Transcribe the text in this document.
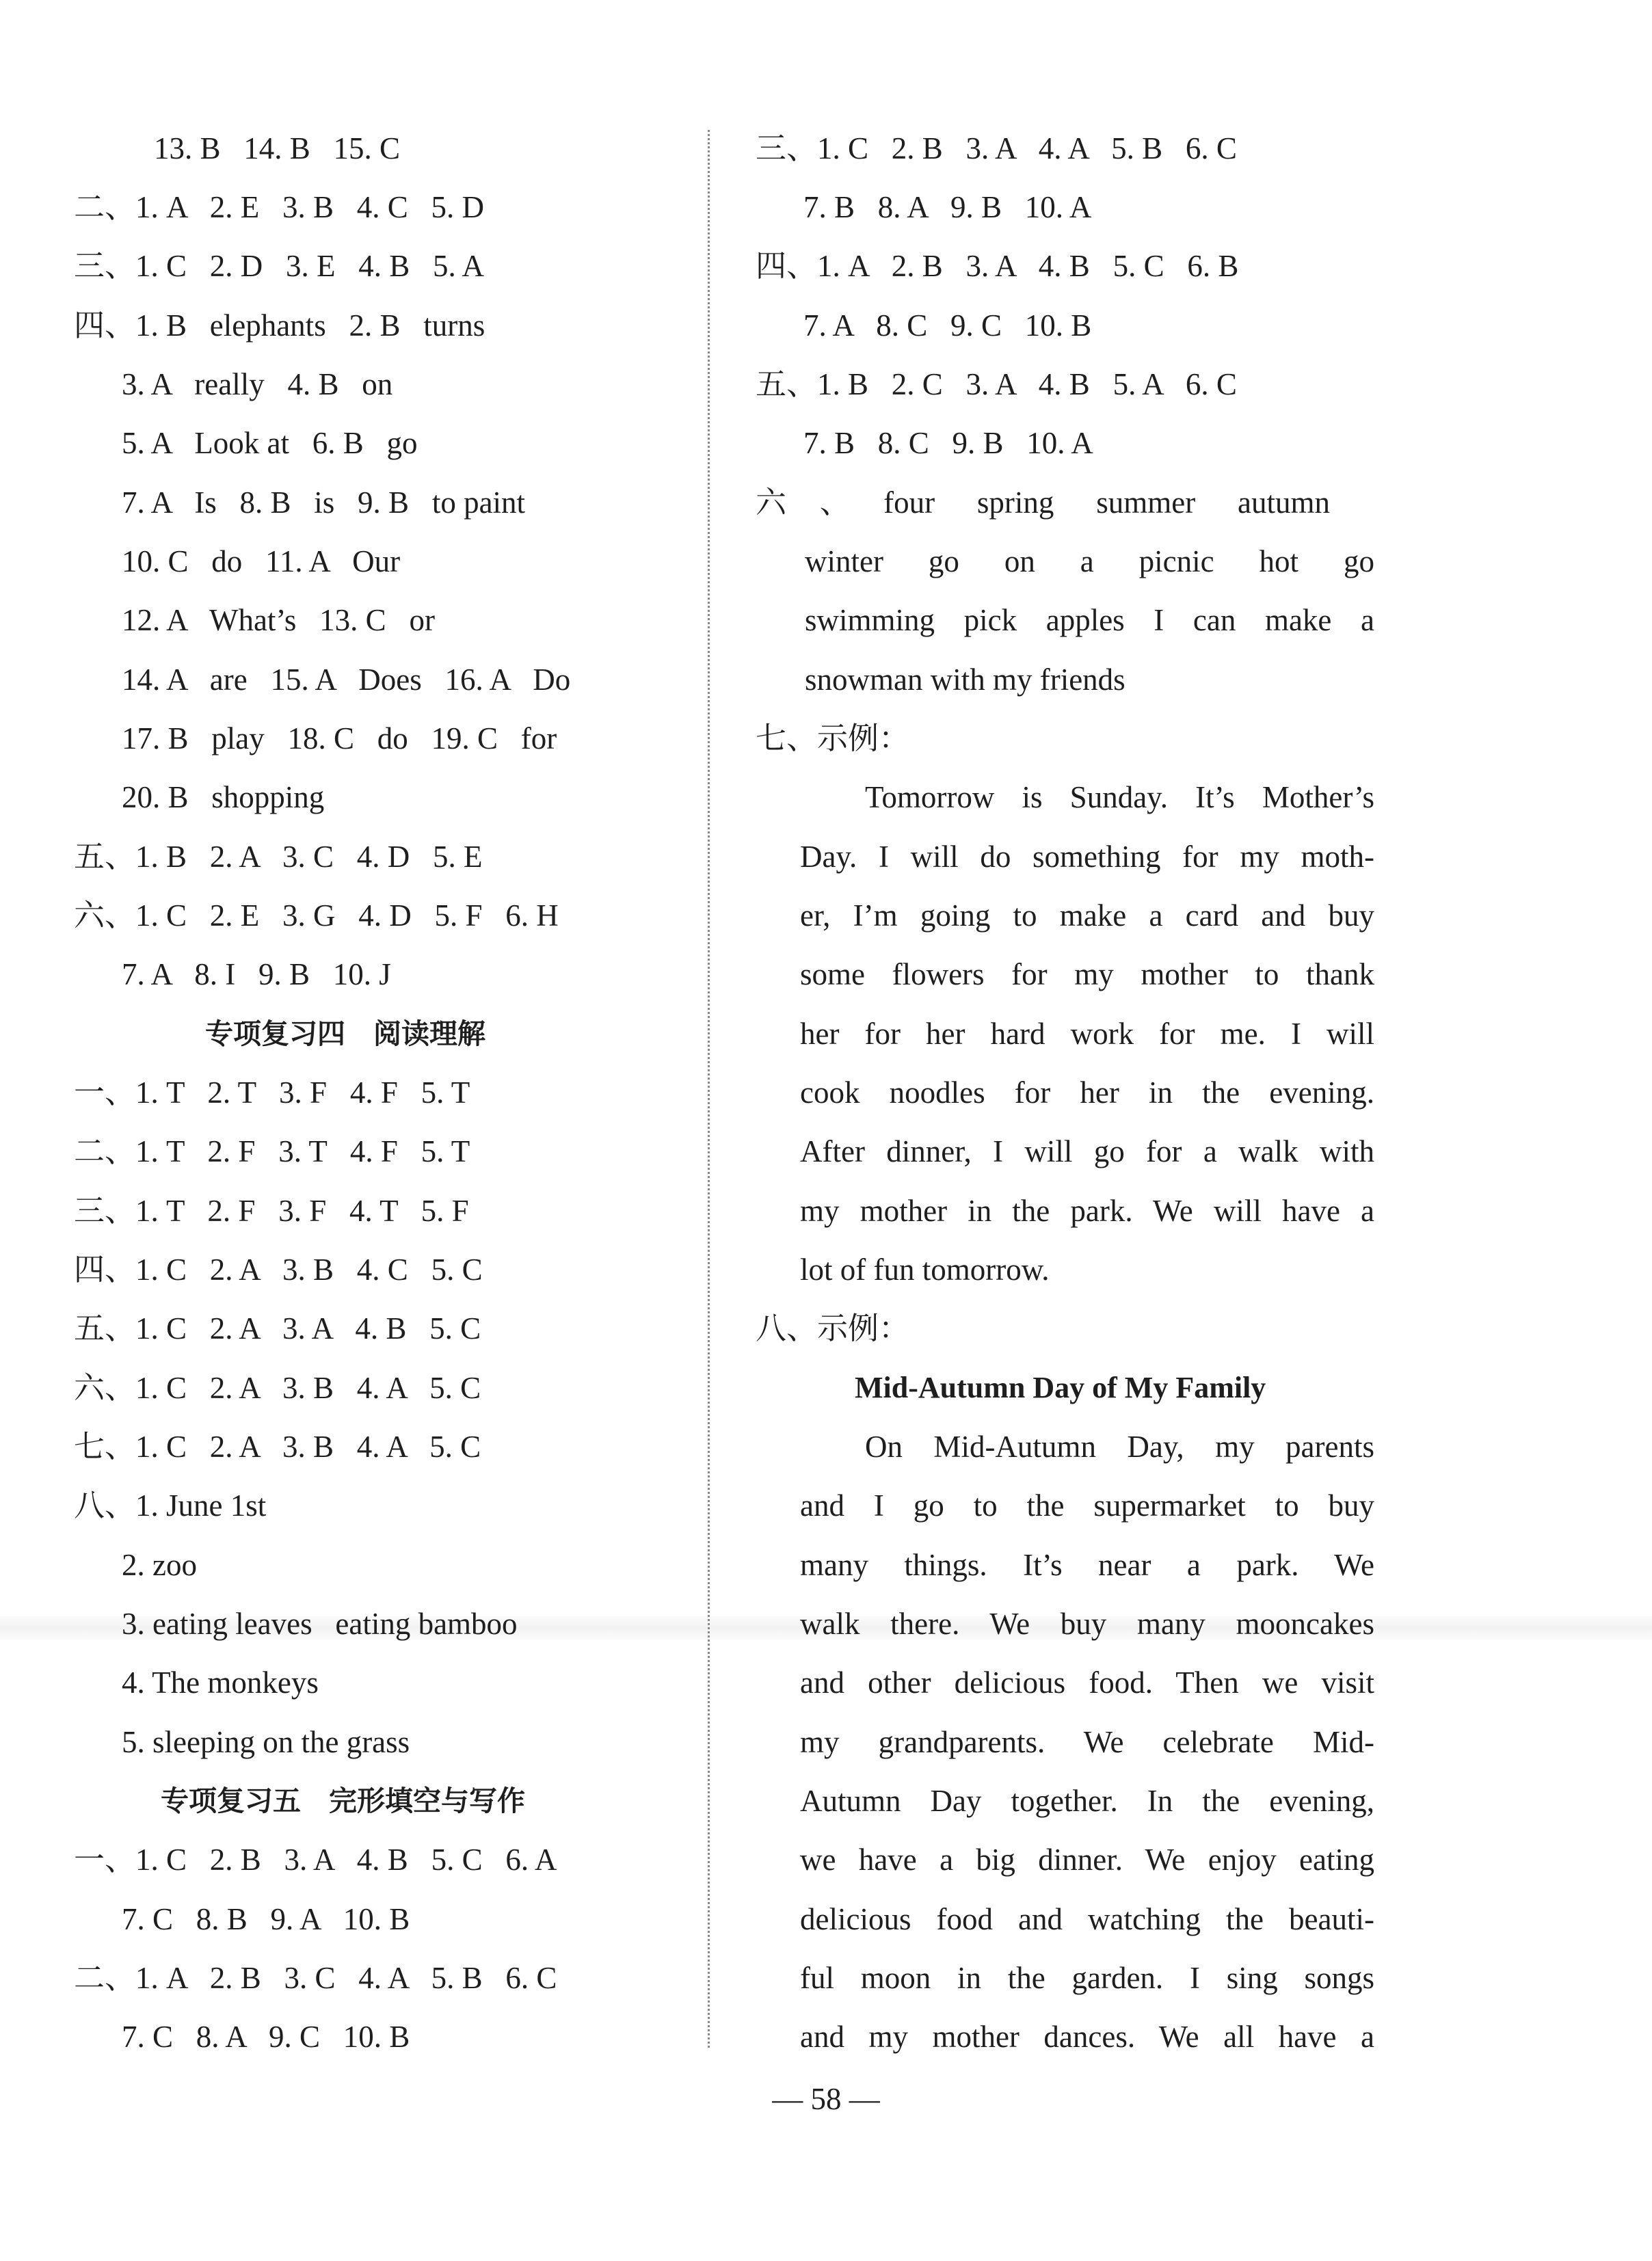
13. B   14. B   15. C
二、1. A   2. E   3. B   4. C   5. D
三、1. C   2. D   3. E   4. B   5. A
四、1. B   elephants   2. B   turns
3. A   really   4. B   on
5. A   Look at   6. B   go
7. A   Is   8. B   is   9. B   to paint
10. C   do   11. A   Our
12. A   What’s   13. C   or
14. A   are   15. A   Does   16. A   Do
17. B   play   18. C   do   19. C   for
20. B   shopping
五、1. B   2. A   3. C   4. D   5. E
六、1. C   2. E   3. G   4. D   5. F   6. H
7. A   8. I   9. B   10. J
专项复习四　阅读理解
一、1. T   2. T   3. F   4. F   5. T
二、1. T   2. F   3. T   4. F   5. T
三、1. T   2. F   3. F   4. T   5. F
四、1. C   2. A   3. B   4. C   5. C
五、1. C   2. A   3. A   4. B   5. C
六、1. C   2. A   3. B   4. A   5. C
七、1. C   2. A   3. B   4. A   5. C
八、1. June 1st
2. zoo
3. eating leaves   eating bamboo
4. The monkeys
5. sleeping on the grass
专项复习五　完形填空与写作
一、1. C   2. B   3. A   4. B   5. C   6. A
7. C   8. B   9. A   10. B
二、1. A   2. B   3. C   4. A   5. B   6. C
7. C   8. A   9. C   10. B
三、1. C   2. B   3. A   4. A   5. B   6. C
7. B   8. A   9. B   10. A
四、1. A   2. B   3. A   4. B   5. C   6. B
7. A   8. C   9. C   10. B
五、1. B   2. C   3. A   4. B   5. A   6. C
7. B   8. C   9. B   10. A
六、four spring summer autumn
winter go on a picnic hot go
swimming pick apples I can make a
snowman with my friends
七、示例：
Tomorrow is Sunday. It’s Mother’s
Day. I will do something for my moth-
er, I’m going to make a card and buy
some flowers for my mother to thank
her for her hard work for me. I will
cook noodles for her in the evening.
After dinner, I will go for a walk with
my mother in the park. We will have a
lot of fun tomorrow.
八、示例：
Mid-Autumn Day of My Family
On Mid-Autumn Day, my parents
and I go to the supermarket to buy
many things. It’s near a park. We
walk there. We buy many mooncakes
and other delicious food. Then we visit
my grandparents. We celebrate Mid-
Autumn Day together. In the evening,
we have a big dinner. We enjoy eating
delicious food and watching the beauti-
ful moon in the garden. I sing songs
and my mother dances. We all have a
— 58 —
